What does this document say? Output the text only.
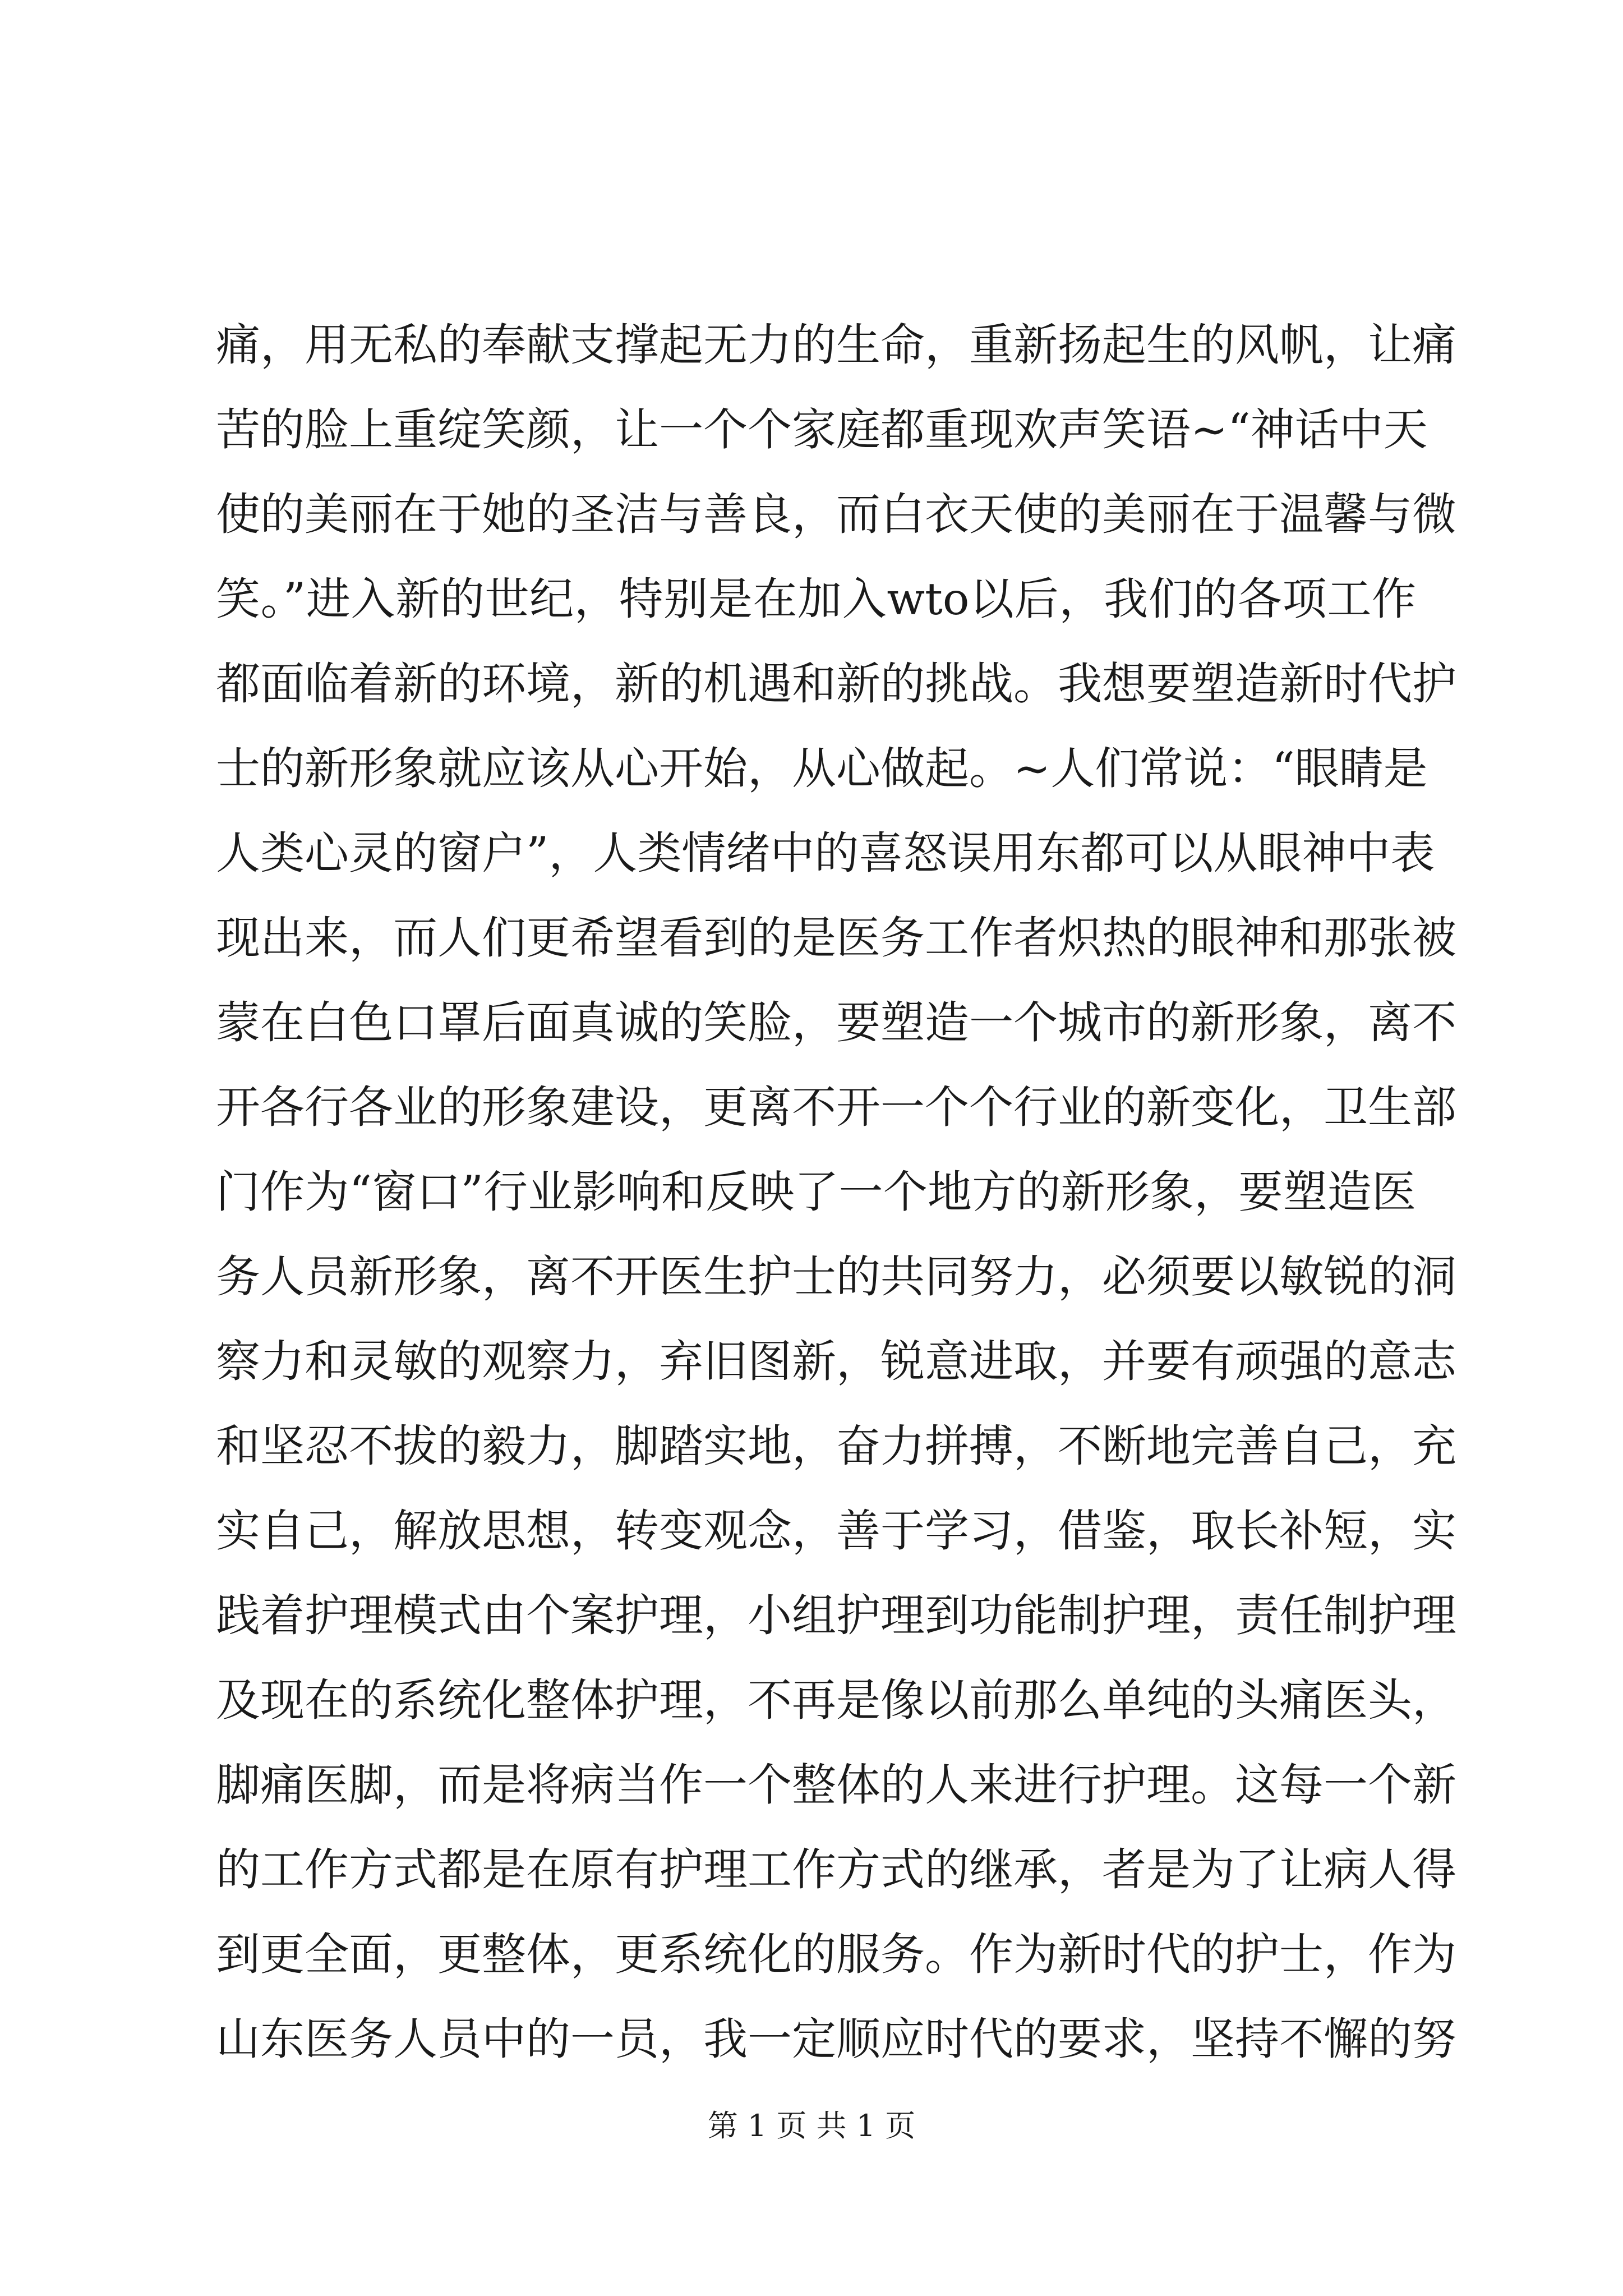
痛，用无私的奉献支撑起无力的生命，重新扬起生的风帆，让痛
苦的脸上重绽笑颜，让一个个家庭都重现欢声笑语~“神话中天
使的美丽在于她的圣洁与善良，而白衣天使的美丽在于温馨与微
笑。”进入新的世纪，特别是在加入wto以后，我们的各项工作
都面临着新的环境，新的机遇和新的挑战。我想要塑造新时代护
士的新形象就应该从心开始，从心做起。~人们常说：“眼睛是
人类心灵的窗户”，人类情绪中的喜怒误用东都可以从眼神中表
现出来，而人们更希望看到的是医务工作者炽热的眼神和那张被
蒙在白色口罩后面真诚的笑脸，要塑造一个城市的新形象，离不
开各行各业的形象建设，更离不开一个个行业的新变化，卫生部
门作为“窗口”行业影响和反映了一个地方的新形象，要塑造医
务人员新形象，离不开医生护士的共同努力，必须要以敏锐的洞
察力和灵敏的观察力，弃旧图新，锐意进取，并要有顽强的意志
和坚忍不拔的毅力，脚踏实地，奋力拼搏，不断地完善自己，充
实自己，解放思想，转变观念，善于学习，借鉴，取长补短，实
践着护理模式由个案护理，小组护理到功能制护理，责任制护理
及现在的系统化整体护理，不再是像以前那么单纯的头痛医头，
脚痛医脚，而是将病当作一个整体的人来进行护理。这每一个新
的工作方式都是在原有护理工作方式的继承，者是为了让病人得
到更全面，更整体，更系统化的服务。作为新时代的护士，作为
山东医务人员中的一员，我一定顺应时代的要求，坚持不懈的努
第 1 页 共 1 页
